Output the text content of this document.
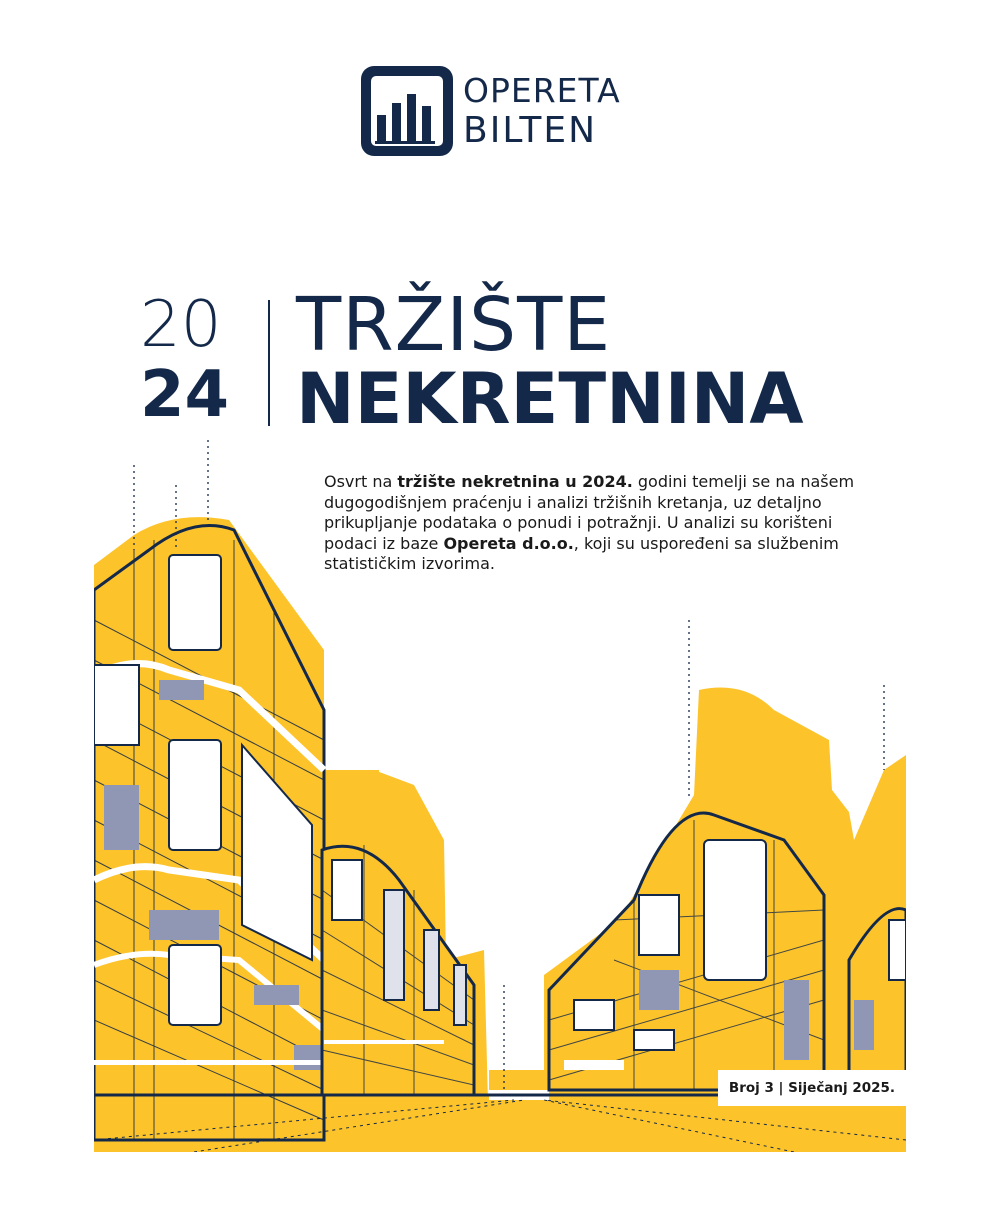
OPERETA
BILTEN
20
24
TRŽIŠTE
NEKRETNINA
Osvrt na tržište nekretnina u 2024. godini temelji se na našem dugogodišnjem praćenju i analizi tržišnih kretanja, uz detaljno prikupljanje podataka o ponudi i potražnji. U analizi su korišteni podaci iz baze Opereta d.o.o., koji su uspoređeni sa službenim statističkim izvorima.
Broj 3 | Siječanj 2025.
